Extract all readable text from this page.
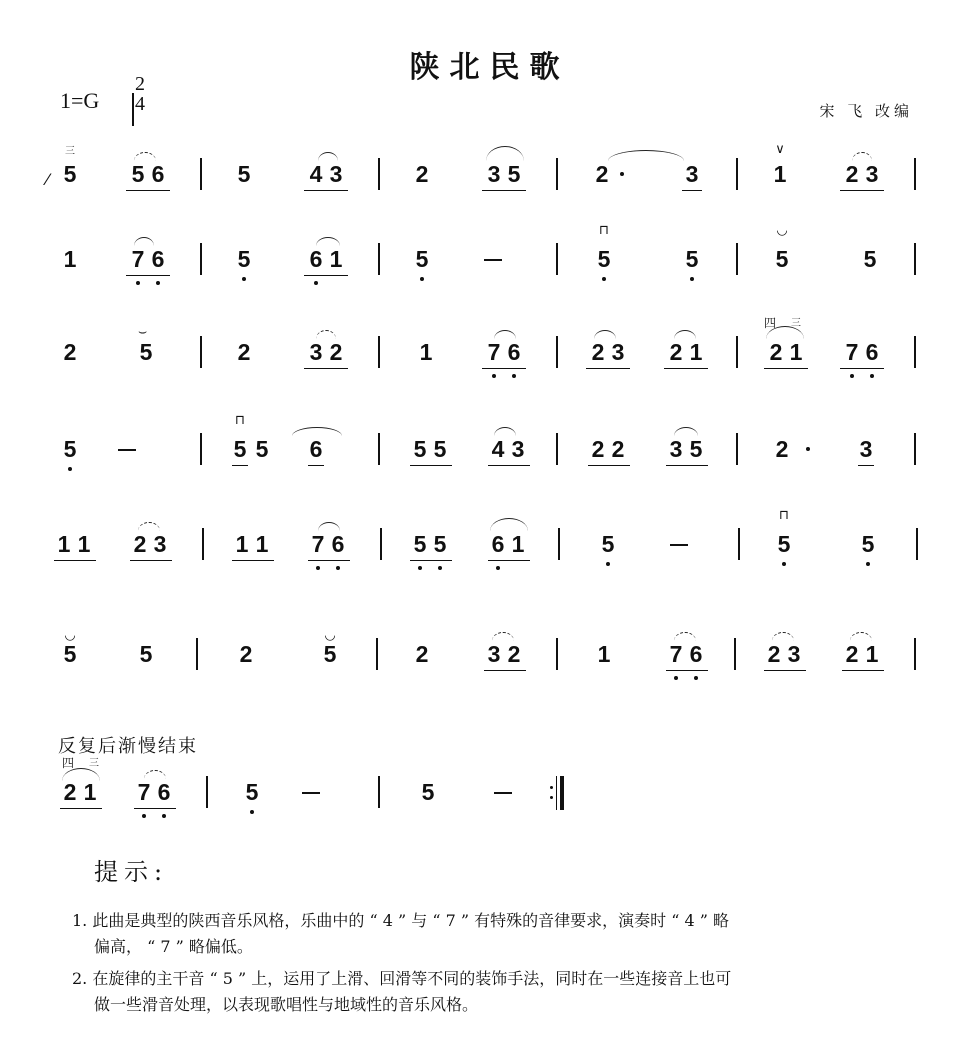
陕北民歌
1=G
2
4	宋 飞 改编
三
⁄ 5 5 6	5	4 3	2	3 5	2	3
∨
1	2 3
1 7 6	5	6 1	5
⊓
5	5
◡
5	5
2
⌣
5	2	3 2	1 7 6	2 3 2 1
四	三
2 1 7 6
5
⊓
5 5 6	5 5 4 3	2 2 3 5	2	3
1 1 2 3	1 1 7 6	5 5 6 1	5
⊓
5	5
◡
5	5	2
◡
5	2	3 2	1	7 6	2 3 2 1
反复后渐慢结束
四	三
2 1 7 6	5	5
提示:
1. 此曲是典型的陕西音乐风格，乐曲中的 “ 4 ” 与 “ 7 ” 有特殊的音律要求，演奏时 “ 4 ” 略
偏高， “ 7 ” 略偏低。
2. 在旋律的主干音 “ 5 ” 上，运用了上滑、回滑等不同的装饰手法，同时在一些连接音上也可
做一些滑音处理，以表现歌唱性与地域性的音乐风格。
